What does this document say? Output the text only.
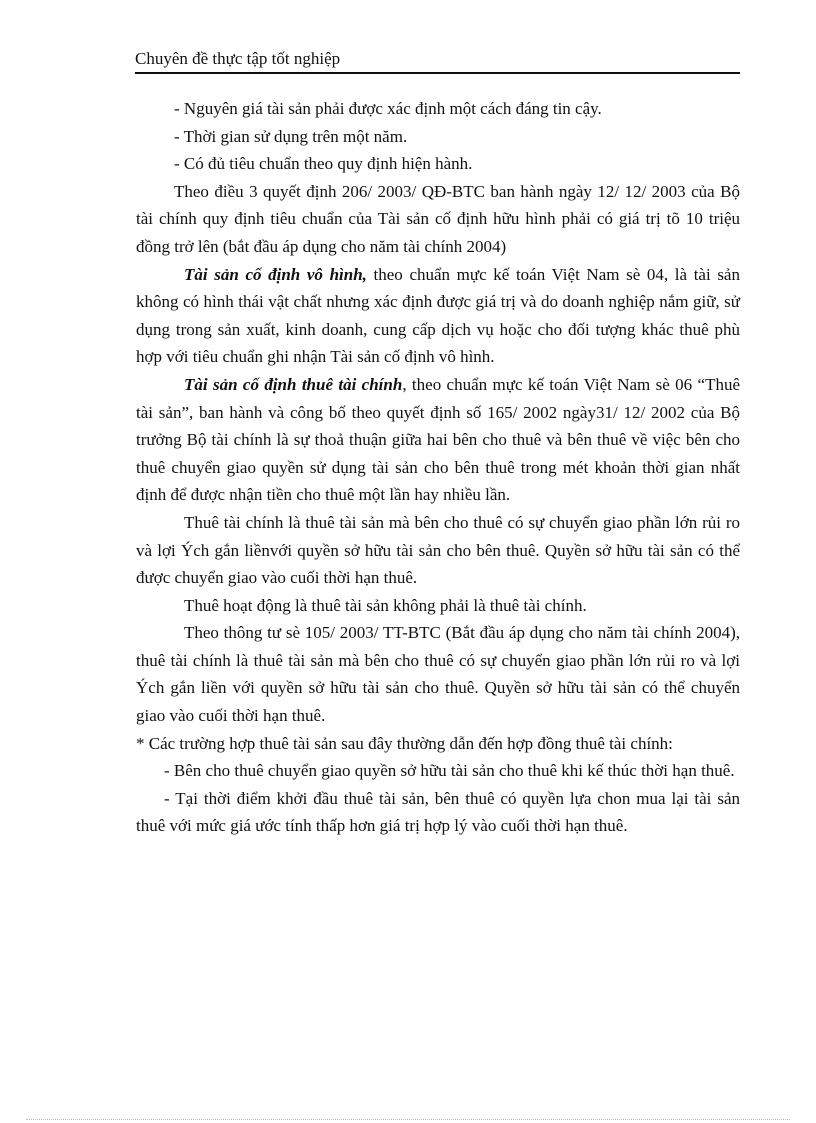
Chuyên đề thực tập tốt nghiệp

- Nguyên giá tài sản phải được xác định một cách đáng tin cậy.

- Thời gian sử dụng trên một năm.

- Có đủ tiêu chuẩn theo quy định hiện hành.

Theo điều 3 quyết định 206/ 2003/ QĐ-BTC ban hành ngày 12/ 12/ 2003 của Bộ tài chính quy định tiêu chuẩn của Tài sản cố định hữu hình phải có giá trị tõ 10 triệu đồng trở lên (bắt đầu áp dụng cho năm tài chính 2004)

Tài sản cố định vô hình, theo chuẩn mực kế toán Việt Nam sè 04, là tài sản không có hình thái vật chất nhưng xác định được giá trị và do doanh nghiệp nắm giữ, sử dụng trong sản xuất, kinh doanh, cung cấp dịch vụ hoặc cho đối tượng khác thuê phù hợp với tiêu chuẩn ghi nhận Tài sản cố định vô hình.

Tài sản cố định thuê tài chính, theo chuẩn mực kế toán Việt Nam sè 06 “Thuê tài sản”, ban hành và công bố theo quyết định số 165/ 2002 ngày31/ 12/ 2002 của Bộ trưởng Bộ tài chính là sự thoả thuận giữa hai bên cho thuê và bên thuê về việc bên cho thuê chuyển giao quyền sử dụng tài sản cho bên thuê trong mét khoản thời gian nhất định để được nhận tiền cho thuê một lần hay nhiều lần.

Thuê tài chính là thuê tài sản mà bên cho thuê có sự chuyển giao phần lớn rủi ro và lợi Ých gắn liềnvới quyền sở hữu tài sản cho bên thuê. Quyền sở hữu tài sản có thể được chuyển giao vào cuối thời hạn thuê.

Thuê hoạt động là thuê tài sản không phải là thuê tài chính.

Theo thông tư sè 105/ 2003/ TT-BTC (Bắt đầu áp dụng cho năm tài chính 2004), thuê tài chính là thuê tài sản mà bên cho thuê có sự chuyển giao phần lớn rủi ro và lợi Ých gắn liền với quyền sở hữu tài sản cho thuê. Quyền sở hữu tài sản có thể chuyển giao vào cuối thời hạn thuê.

* Các trường hợp thuê tài sản sau đây thường dẫn đến hợp đồng thuê tài chính:

- Bên cho thuê chuyển giao quyền sở hữu tài sản cho thuê khi kế thúc thời hạn thuê.

- Tại thời điểm khởi đầu thuê tài sản, bên thuê có quyền lựa chon mua lại tài sản thuê với mức giá ước tính thấp hơn giá trị hợp lý vào cuối thời hạn thuê.
